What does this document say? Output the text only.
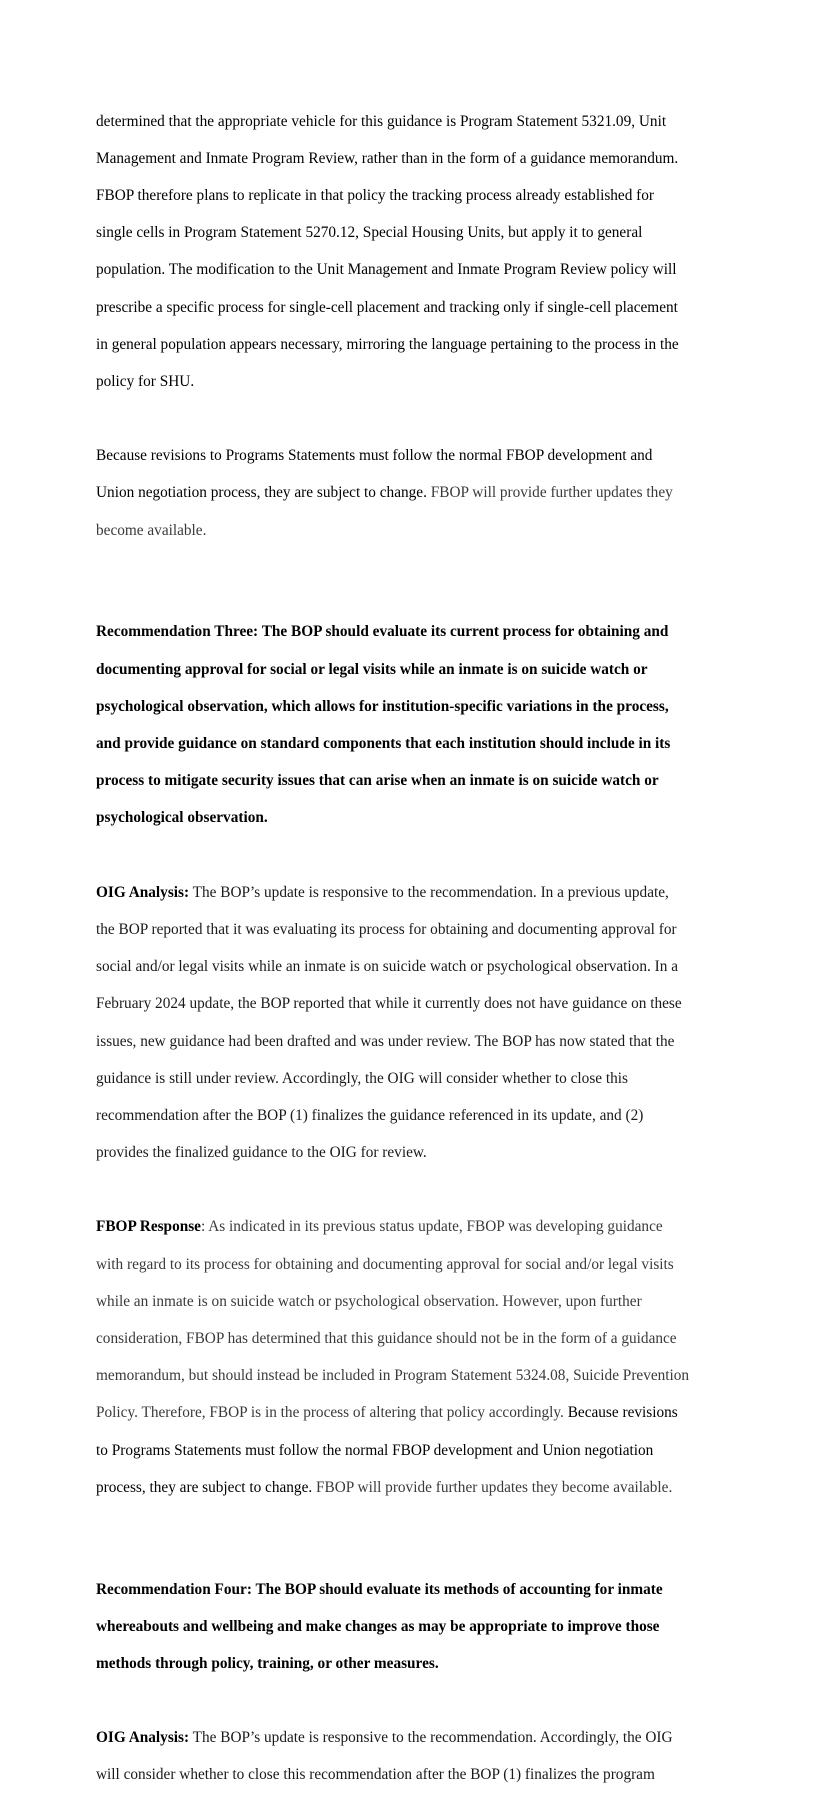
determined that the appropriate vehicle for this guidance is Program Statement 5321.09, Unit

Management and Inmate Program Review, rather than in the form of a guidance memorandum.

FBOP therefore plans to replicate in that policy the tracking process already established for

single cells in Program Statement 5270.12, Special Housing Units, but apply it to general

population. The modification to the Unit Management and Inmate Program Review policy will

prescribe a specific process for single-cell placement and tracking only if single-cell placement

in general population appears necessary, mirroring the language pertaining to the process in the

policy for SHU.

Because revisions to Programs Statements must follow the normal FBOP development and

Union negotiation process, they are subject to change. FBOP will provide further updates they

become available.

Recommendation Three: The BOP should evaluate its current process for obtaining and

documenting approval for social or legal visits while an inmate is on suicide watch or

psychological observation, which allows for institution-specific variations in the process,

and provide guidance on standard components that each institution should include in its

process to mitigate security issues that can arise when an inmate is on suicide watch or

psychological observation.

OIG Analysis: The BOP’s update is responsive to the recommendation. In a previous update,

the BOP reported that it was evaluating its process for obtaining and documenting approval for

social and/or legal visits while an inmate is on suicide watch or psychological observation. In a

February 2024 update, the BOP reported that while it currently does not have guidance on these

issues, new guidance had been drafted and was under review. The BOP has now stated that the

guidance is still under review. Accordingly, the OIG will consider whether to close this

recommendation after the BOP (1) finalizes the guidance referenced in its update, and (2)

provides the finalized guidance to the OIG for review.

FBOP Response: As indicated in its previous status update, FBOP was developing guidance

with regard to its process for obtaining and documenting approval for social and/or legal visits

while an inmate is on suicide watch or psychological observation. However, upon further

consideration, FBOP has determined that this guidance should not be in the form of a guidance

memorandum, but should instead be included in Program Statement 5324.08, Suicide Prevention

Policy. Therefore, FBOP is in the process of altering that policy accordingly. Because revisions

to Programs Statements must follow the normal FBOP development and Union negotiation

process, they are subject to change. FBOP will provide further updates they become available.

Recommendation Four: The BOP should evaluate its methods of accounting for inmate

whereabouts and wellbeing and make changes as may be appropriate to improve those

methods through policy, training, or other measures.

OIG Analysis: The BOP’s update is responsive to the recommendation. Accordingly, the OIG

will consider whether to close this recommendation after the BOP (1) finalizes the program
